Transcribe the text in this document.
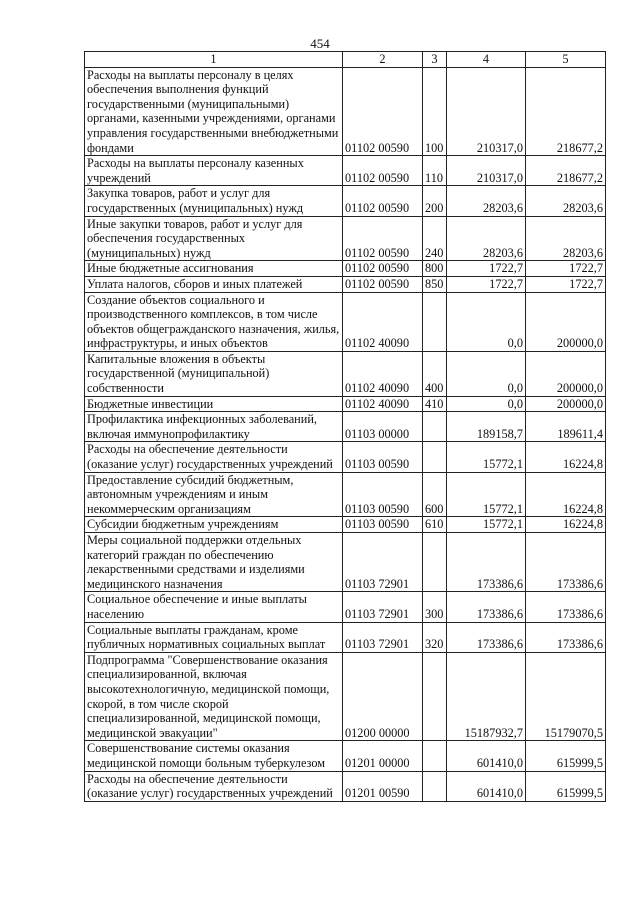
454
1	2	3	4	5
Расходы на выплаты персоналу в целях обеспечения выполнения функций государственными (муниципальными) органами, казенными учреждениями, органами управления государственными внебюджетными фондами	01102 00590	100	210317,0	218677,2
Расходы на выплаты персоналу казенных учреждений	01102 00590	110	210317,0	218677,2
Закупка товаров, работ и услуг для государственных (муниципальных) нужд	01102 00590	200	28203,6	28203,6
Иные закупки товаров, работ и услуг для обеспечения государственных (муниципальных) нужд	01102 00590	240	28203,6	28203,6
Иные бюджетные ассигнования	01102 00590	800	1722,7	1722,7
Уплата налогов, сборов и иных платежей	01102 00590	850	1722,7	1722,7
Создание объектов социального и производственного комплексов, в том числе объектов общегражданского назначения, жилья, инфраструктуры, и иных объектов	01102 40090		0,0	200000,0
Капитальные вложения в объекты государственной (муниципальной) собственности	01102 40090	400	0,0	200000,0
Бюджетные инвестиции	01102 40090	410	0,0	200000,0
Профилактика инфекционных заболеваний, включая иммунопрофилактику	01103 00000		189158,7	189611,4
Расходы на обеспечение деятельности (оказание услуг) государственных учреждений	01103 00590		15772,1	16224,8
Предоставление субсидий бюджетным, автономным учреждениям и иным некоммерческим организациям	01103 00590	600	15772,1	16224,8
Субсидии бюджетным учреждениям	01103 00590	610	15772,1	16224,8
Меры социальной поддержки отдельных категорий граждан по обеспечению лекарственными средствами и изделиями медицинского назначения	01103 72901		173386,6	173386,6
Социальное обеспечение и иные выплаты населению	01103 72901	300	173386,6	173386,6
Социальные выплаты гражданам, кроме публичных нормативных социальных выплат	01103 72901	320	173386,6	173386,6
Подпрограмма "Совершенствование оказания специализированной, включая высокотехнологичную, медицинской помощи, скорой, в том числе скорой специализированной, медицинской помощи, медицинской эвакуации"	01200 00000		15187932,7	15179070,5
Совершенствование системы оказания медицинской помощи больным туберкулезом	01201 00000		601410,0	615999,5
Расходы на обеспечение деятельности (оказание услуг) государственных учреждений	01201 00590		601410,0	615999,5
